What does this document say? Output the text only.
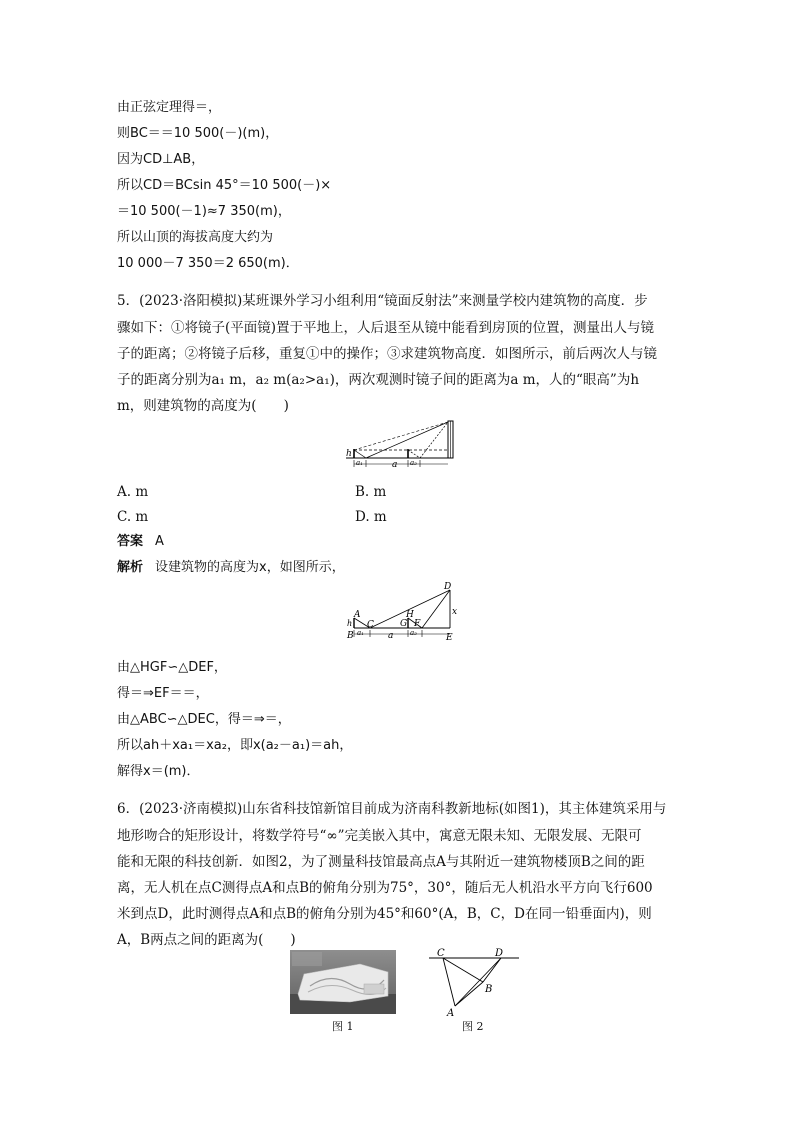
由正弦定理得＝，
则BC＝＝10 500(－)(m)，
因为CD⊥AB，
所以CD＝BCsin 45°＝10 500(－)×
＝10 500(－1)≈7 350(m)，
所以山顶的海拔高度大约为
10 000－7 350＝2 650(m)．
5．(2023·洛阳模拟)某班课外学习小组利用“镜面反射法”来测量学校内建筑物的高度．步
骤如下：①将镜子(平面镜)置于平地上，人后退至从镜中能看到房顶的位置，测量出人与镜
子的距离；②将镜子后移，重复①中的操作；③求建筑物高度．如图所示，前后两次人与镜
子的距离分别为a₁ m，a₂ m(a₂>a₁)，两次观测时镜子间的距离为a m，人的“眼高”为h
m，则建筑物的高度为(　　)
h
a₁	a a₂
A. m	B. m
C. m	D. m
答案 A
解析 设建筑物的高度为x，如图所示，
D
A
h
B
C
H
G F
E
x
a₁	a a₂
由△HGF∽△DEF，
得＝⇒EF＝＝，
由△ABC∽△DEC，得＝⇒＝，
所以ah＋xa₁＝xa₂，即x(a₂－a₁)＝ah，
解得x＝(m)．
6．(2023·济南模拟)山东省科技馆新馆目前成为济南科教新地标(如图1)，其主体建筑采用与
地形吻合的矩形设计，将数学符号“∞”完美嵌入其中，寓意无限未知、无限发展、无限可
能和无限的科技创新．如图2，为了测量科技馆最高点A与其附近一建筑物楼顶B之间的距
离，无人机在点C测得点A和点B的俯角分别为75°，30°，随后无人机沿水平方向飞行600
米到点D，此时测得点A和点B的俯角分别为45°和60°(A，B，C，D在同一铅垂面内)，则
A，B两点之间的距离为(　　)
图 1
C	D
B
A
图 2
